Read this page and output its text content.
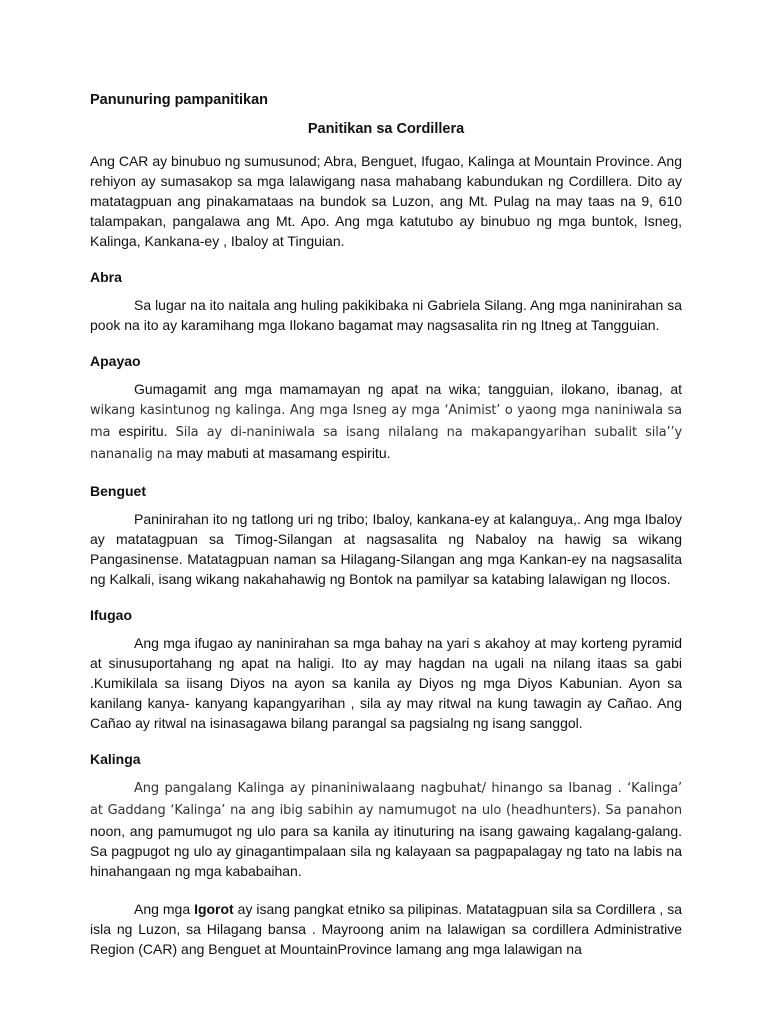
Panunuring pampanitikan
Panitikan sa Cordillera

Ang CAR ay binubuo ng sumusunod; Abra, Benguet, Ifugao, Kalinga at Mountain Province. Ang rehiyon ay sumasakop sa mga lalawigang nasa mahabang kabundukan ng Cordillera. Dito ay matatagpuan ang pinakamataas na bundok sa Luzon, ang Mt. Pulag na may taas na 9, 610 talampakan, pangalawa ang Mt. Apo. Ang mga katutubo ay binubuo ng mga buntok, Isneg, Kalinga, Kankana-ey , Ibaloy at Tinguian.

Abra

Sa lugar na ito naitala ang huling pakikibaka ni Gabriela Silang. Ang mga naninirahan sa pook na ito ay karamihang mga Ilokano bagamat may nagsasalita rin ng Itneg at Tangguian.

Apayao

Gumagamit ang mga mamamayan ng apat na wika; tangguian, ilokano, ibanag, at wikang kasintunog ng kalinga. Ang mga Isneg ay mga ‘Animist’ o yaong mga naniniwala sa ma espiritu. Sila ay di-naniniwala sa isang nilalang na makapangyarihan subalit sila’’y nananalig na may mabuti at masamang espiritu.

Benguet

Paninirahan ito ng tatlong uri ng tribo; Ibaloy, kankana-ey at kalanguya,. Ang mga Ibaloy ay matatagpuan sa Timog-Silangan at nagsasalita ng Nabaloy na hawig sa wikang Pangasinense. Matatagpuan naman sa Hilagang-Silangan ang mga Kankan-ey na nagsasalita ng Kalkali, isang wikang nakahahawig ng Bontok na pamilyar sa katabing lalawigan ng Ilocos.

Ifugao

Ang mga ifugao ay naninirahan sa mga bahay na yari s akahoy at may korteng pyramid at sinusuportahang ng apat na haligi. Ito ay may hagdan na ugali na nilang itaas sa gabi .Kumikilala sa iisang Diyos na ayon sa kanila ay Diyos ng mga Diyos Kabunian. Ayon sa kanilang kanya- kanyang kapangyarihan , sila ay may ritwal na kung tawagin ay Cañao. Ang Cañao ay ritwal na isinasagawa bilang parangal sa pagsialng ng isang sanggol.

Kalinga

Ang pangalang Kalinga ay pinaniniwalaang nagbuhat/ hinango sa Ibanag . ‘Kalinga’ at Gaddang ‘Kalinga’ na ang ibig sabihin ay namumugot na ulo (headhunters). Sa panahon noon, ang pamumugot ng ulo para sa kanila ay itinuturing na isang gawaing kagalang-galang. Sa pagpugot ng ulo ay ginagantimpalaan sila ng kalayaan sa pagpapalagay ng tato na labis na hinahangaan ng mga kababaihan.

Ang mga Igorot ay isang pangkat etniko sa pilipinas. Matatagpuan sila sa Cordillera , sa isla ng Luzon, sa Hilagang bansa . Mayroong anim na lalawigan sa cordillera Administrative Region (CAR) ang Benguet at MountainProvince lamang ang mga lalawigan na
